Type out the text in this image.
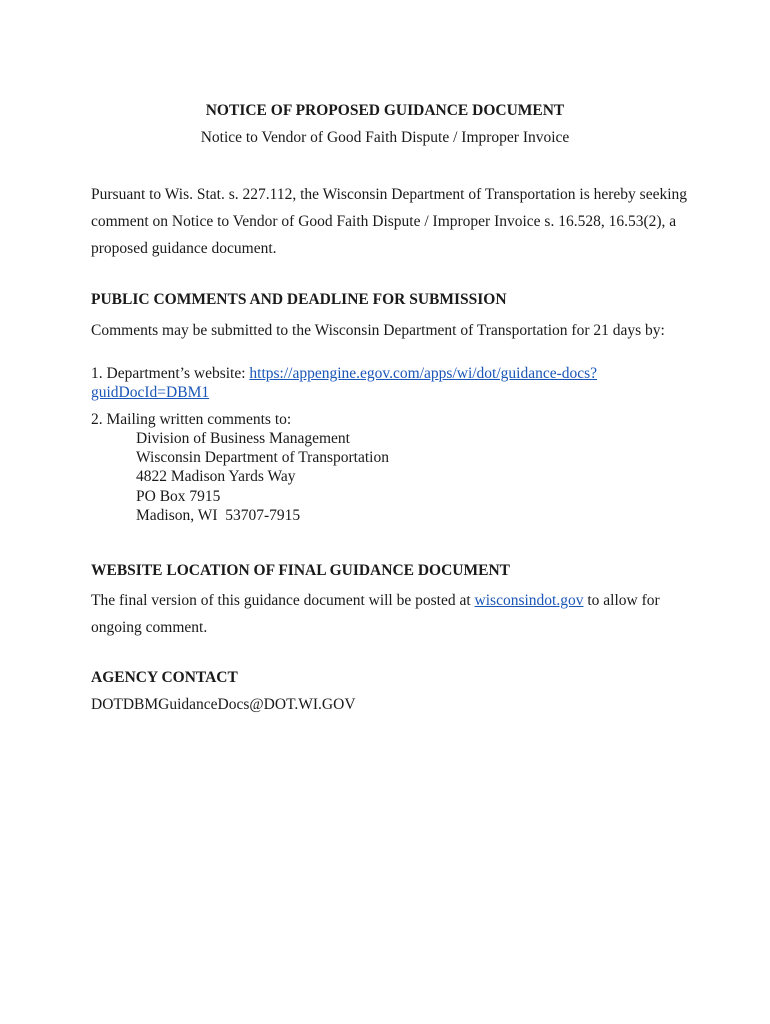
NOTICE OF PROPOSED GUIDANCE DOCUMENT
Notice to Vendor of Good Faith Dispute / Improper Invoice
Pursuant to Wis. Stat. s. 227.112, the Wisconsin Department of Transportation is hereby seeking comment on Notice to Vendor of Good Faith Dispute / Improper Invoice s. 16.528, 16.53(2), a proposed guidance document.
PUBLIC COMMENTS AND DEADLINE FOR SUBMISSION
Comments may be submitted to the Wisconsin Department of Transportation for 21 days by:
1. Department’s website: https://appengine.egov.com/apps/wi/dot/guidance-docs?guidDocId=DBM1
2. Mailing written comments to:
Division of Business Management
Wisconsin Department of Transportation
4822 Madison Yards Way
PO Box 7915
Madison, WI  53707-7915
WEBSITE LOCATION OF FINAL GUIDANCE DOCUMENT
The final version of this guidance document will be posted at wisconsindot.gov to allow for ongoing comment.
AGENCY CONTACT
DOTDBMGuidanceDocs@DOT.WI.GOV
